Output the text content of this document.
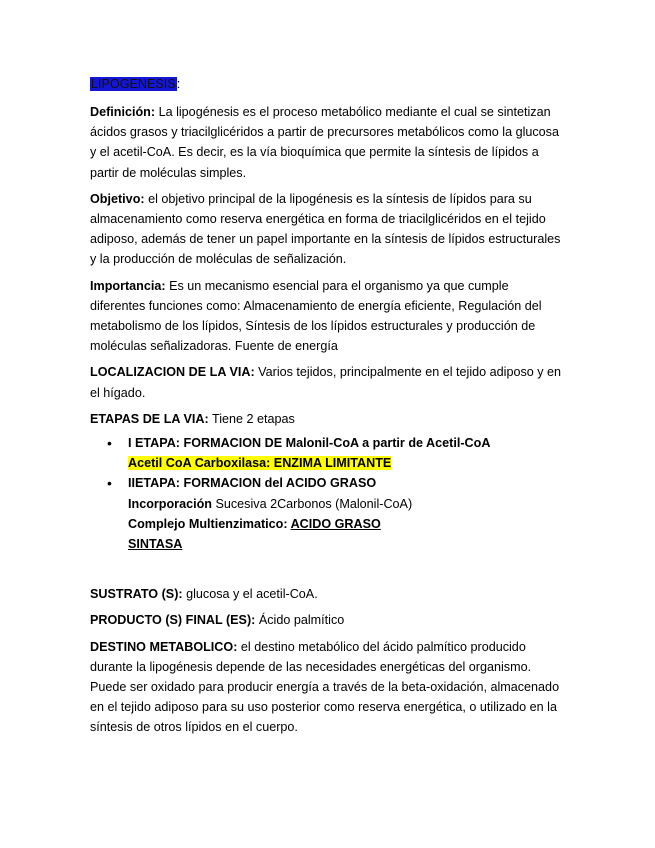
LIPOGENESIS:

Definición: La lipogénesis es el proceso metabólico mediante el cual se sintetizan ácidos grasos y triacilglicéridos a partir de precursores metabólicos como la glucosa y el acetil-CoA. Es decir, es la vía bioquímica que permite la síntesis de lípidos a partir de moléculas simples.

Objetivo: el objetivo principal de la lipogénesis es la síntesis de lípidos para su almacenamiento como reserva energética en forma de triacilglicéridos en el tejido adiposo, además de tener un papel importante en la síntesis de lípidos estructurales y la producción de moléculas de señalización.

Importancia: Es un mecanismo esencial para el organismo ya que cumple diferentes funciones como: Almacenamiento de energía eficiente, Regulación del metabolismo de los lípidos, Síntesis de los lípidos estructurales y producción de moléculas señalizadoras. Fuente de energía

LOCALIZACION DE LA VIA: Varios tejidos, principalmente en el tejido adiposo y en el hígado.

ETAPAS DE LA VIA: Tiene 2 etapas

• I ETAPA: FORMACION DE Malonil-CoA a partir de Acetil-CoA
Acetil CoA Carboxilasa: ENZIMA LIMITANTE
• IIETAPA: FORMACION del ACIDO GRASO
Incorporación Sucesiva 2Carbonos (Malonil-CoA)
Complejo Multienzimatico: ACIDO GRASO
SINTASA

SUSTRATO (S): glucosa y el acetil-CoA.

PRODUCTO (S) FINAL (ES): Ácido palmítico

DESTINO METABOLICO: el destino metabólico del ácido palmítico producido durante la lipogénesis depende de las necesidades energéticas del organismo. Puede ser oxidado para producir energía a través de la beta-oxidación, almacenado en el tejido adiposo para su uso posterior como reserva energética, o utilizado en la síntesis de otros lípidos en el cuerpo.
